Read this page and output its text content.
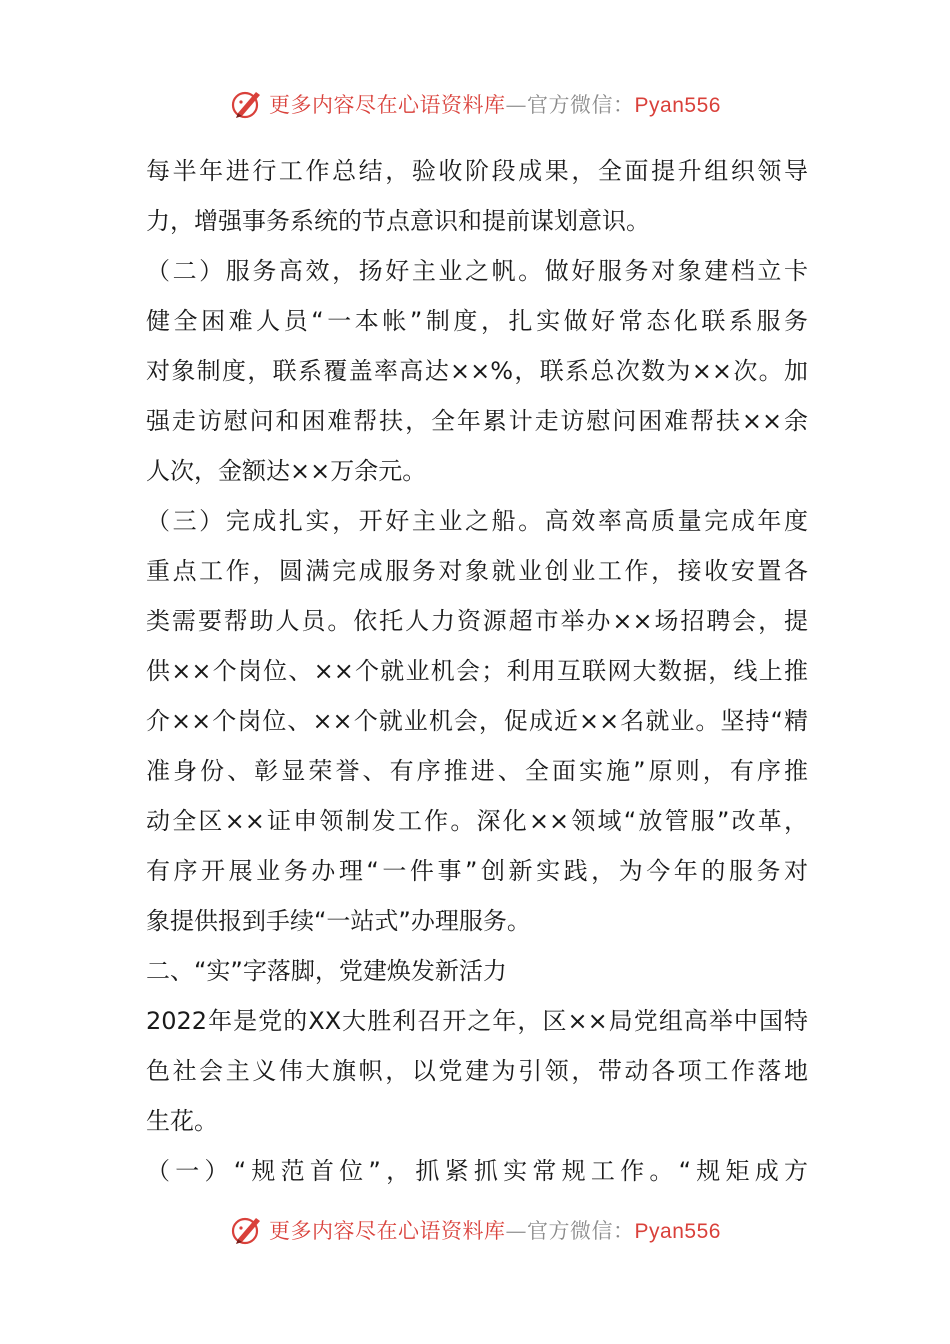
更多内容尽在心语资料库—官方微信：Pyan556
每半年进行工作总结，验收阶段成果，全面提升组织领导
力，增强事务系统的节点意识和提前谋划意识。
（二）服务高效，扬好主业之帆。做好服务对象建档立卡
健全困难人员“一本帐”制度，扎实做好常态化联系服务
对象制度，联系覆盖率高达××%，联系总次数为××次。加
强走访慰问和困难帮扶，全年累计走访慰问困难帮扶××余
人次，金额达××万余元。
（三）完成扎实，开好主业之船。高效率高质量完成年度
重点工作，圆满完成服务对象就业创业工作，接收安置各
类需要帮助人员。依托人力资源超市举办××场招聘会，提
供××个岗位、××个就业机会；利用互联网大数据，线上推
介××个岗位、××个就业机会，促成近××名就业。坚持“精
准身份、彰显荣誉、有序推进、全面实施”原则，有序推
动全区××证申领制发工作。深化××领域“放管服”改革，
有序开展业务办理“一件事”创新实践，为今年的服务对
象提供报到手续“一站式”办理服务。
二、“实”字落脚，党建焕发新活力
2022年是党的XX大胜利召开之年，区××局党组高举中国特
色社会主义伟大旗帜，以党建为引领，带动各项工作落地
生花。
（一）“规范首位”，抓紧抓实常规工作。“规矩成方
更多内容尽在心语资料库—官方微信：Pyan556
